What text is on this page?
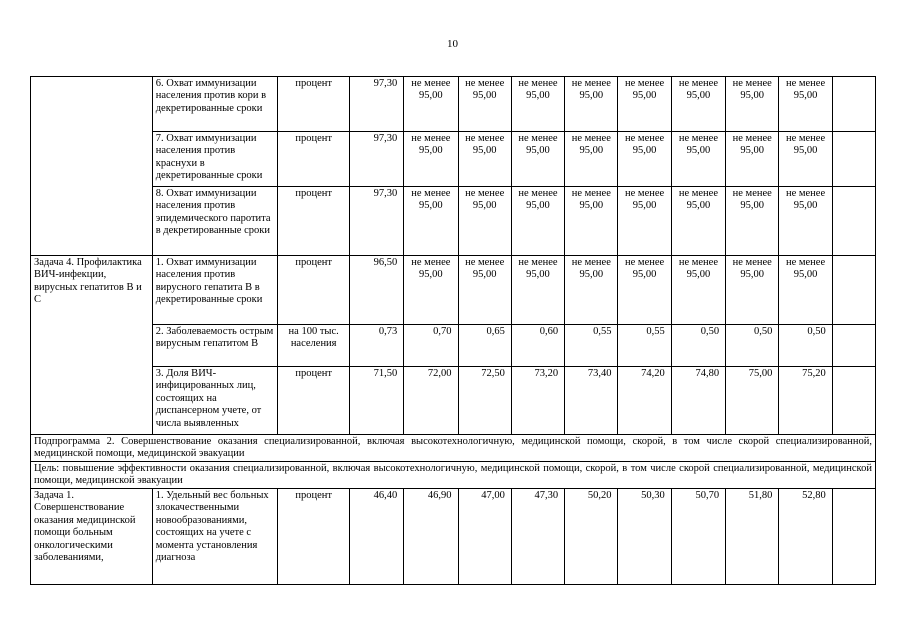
10
	6. Охват иммунизации населения против кори в декретированные сроки	процент	97,30	не менее 95,00	не менее 95,00	не менее 95,00	не менее 95,00	не менее 95,00	не менее 95,00	не менее 95,00	не менее 95,00	
	7. Охват иммунизации населения против краснухи в декретированные сроки	процент	97,30	не менее 95,00	не менее 95,00	не менее 95,00	не менее 95,00	не менее 95,00	не менее 95,00	не менее 95,00	не менее 95,00	
	8. Охват иммунизации населения против эпидемического паротита в декретированные сроки	процент	97,30	не менее 95,00	не менее 95,00	не менее 95,00	не менее 95,00	не менее 95,00	не менее 95,00	не менее 95,00	не менее 95,00	
Задача 4. Профилактика ВИЧ-инфекции, вирусных гепатитов В и С	1. Охват иммунизации населения против вирусного гепатита В в декретированные сроки	процент	96,50	не менее 95,00	не менее 95,00	не менее 95,00	не менее 95,00	не менее 95,00	не менее 95,00	не менее 95,00	не менее 95,00	
	2. Заболеваемость острым вирусным гепатитом В	на 100 тыс. населения	0,73	0,70	0,65	0,60	0,55	0,55	0,50	0,50	0,50	
	3. Доля ВИЧ-инфицированных лиц, состоящих на диспансерном учете, от числа выявленных	процент	71,50	72,00	72,50	73,20	73,40	74,20	74,80	75,00	75,20	
Подпрограмма 2. Совершенствование оказания специализированной, включая высокотехнологичную, медицинской помощи, скорой, в том числе скорой специализированной, медицинской помощи, медицинской эвакуации												
Цель: повышение эффективности оказания специализированной, включая высокотехнологичную, медицинской помощи, скорой, в том числе скорой специализированной, медицинской помощи, медицинской эвакуации												
Задача 1. Совершенствование оказания медицинской помощи больным онкологическими заболеваниями,	1. Удельный вес больных злокачественными новообразованиями, состоящих на учете с момента установления диагноза	процент	46,40	46,90	47,00	47,30	50,20	50,30	50,70	51,80	52,80	
